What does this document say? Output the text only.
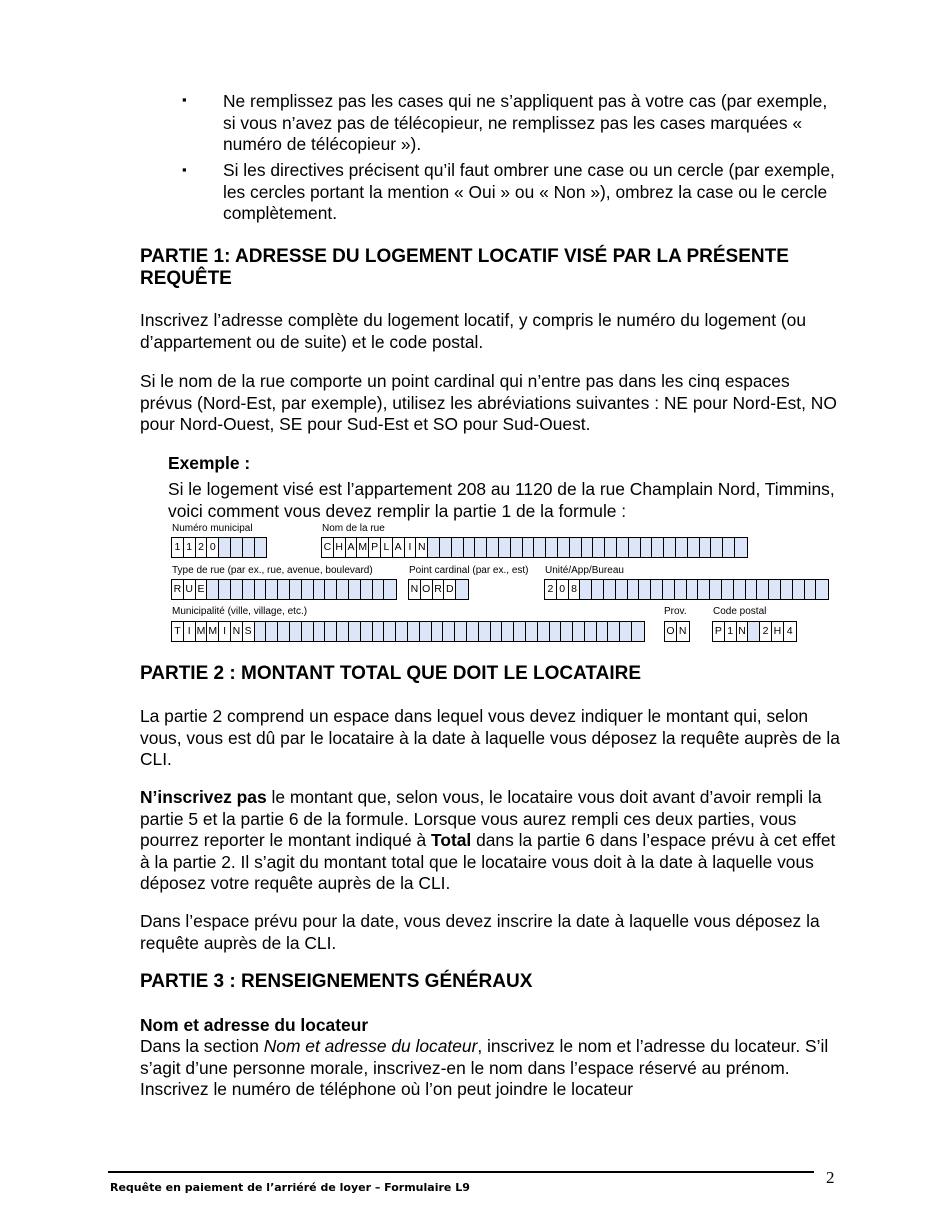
▪ Ne remplissez pas les cases qui ne s’appliquent pas à votre cas (par exemple, si vous n’avez pas de télécopieur, ne remplissez pas les cases marquées « numéro de télécopieur »).

▪ Si les directives précisent qu’il faut ombrer une case ou un cercle (par exemple, les cercles portant la mention « Oui » ou « Non »), ombrez la case ou le cercle complètement.

PARTIE 1: ADRESSE DU LOGEMENT LOCATIF VISÉ PAR LA PRÉSENTE REQUÊTE

Inscrivez l’adresse complète du logement locatif, y compris le numéro du logement (ou d’appartement ou de suite) et le code postal.

Si le nom de la rue comporte un point cardinal qui n’entre pas dans les cinq espaces prévus (Nord-Est, par exemple), utilisez les abréviations suivantes : NE pour Nord-Est, NO pour Nord-Ouest, SE pour Sud-Est et SO pour Sud-Ouest.

Exemple :

Si le logement visé est l’appartement 208 au 1120 de la rue Champlain Nord, Timmins, voici comment vous devez remplir la partie 1 de la formule :

Numéro municipal
1 1 2 0
Nom de la rue
C H A M P L A I N
Type de rue (par ex., rue, avenue, boulevard)
R U E
Point cardinal (par ex., est)
N O R D
Unité/App/Bureau
2 0 8
Municipalité (ville, village, etc.)
T I M M I N S
Prov.
O N
Code postal
P 1 N 2 H 4
PARTIE 2 : MONTANT TOTAL QUE DOIT LE LOCATAIRE

La partie 2 comprend un espace dans lequel vous devez indiquer le montant qui, selon vous, vous est dû par le locataire à la date à laquelle vous déposez la requête auprès de la CLI.

N’inscrivez pas le montant que, selon vous, le locataire vous doit avant d’avoir rempli la partie 5 et la partie 6 de la formule. Lorsque vous aurez rempli ces deux parties, vous pourrez reporter le montant indiqué à Total dans la partie 6 dans l’espace prévu à cet effet à la partie 2. Il s’agit du montant total que le locataire vous doit à la date à laquelle vous déposez votre requête auprès de la CLI.

Dans l’espace prévu pour la date, vous devez inscrire la date à laquelle vous déposez la requête auprès de la CLI.

PARTIE 3 : RENSEIGNEMENTS GÉNÉRAUX

Nom et adresse du locateur

Dans la section Nom et adresse du locateur, inscrivez le nom et l’adresse du locateur. S’il s’agit d’une personne morale, inscrivez-en le nom dans l’espace réservé au prénom. Inscrivez le numéro de téléphone où l’on peut joindre le locateur

Requête en paiement de l’arriéré de loyer – Formulaire L9
2
